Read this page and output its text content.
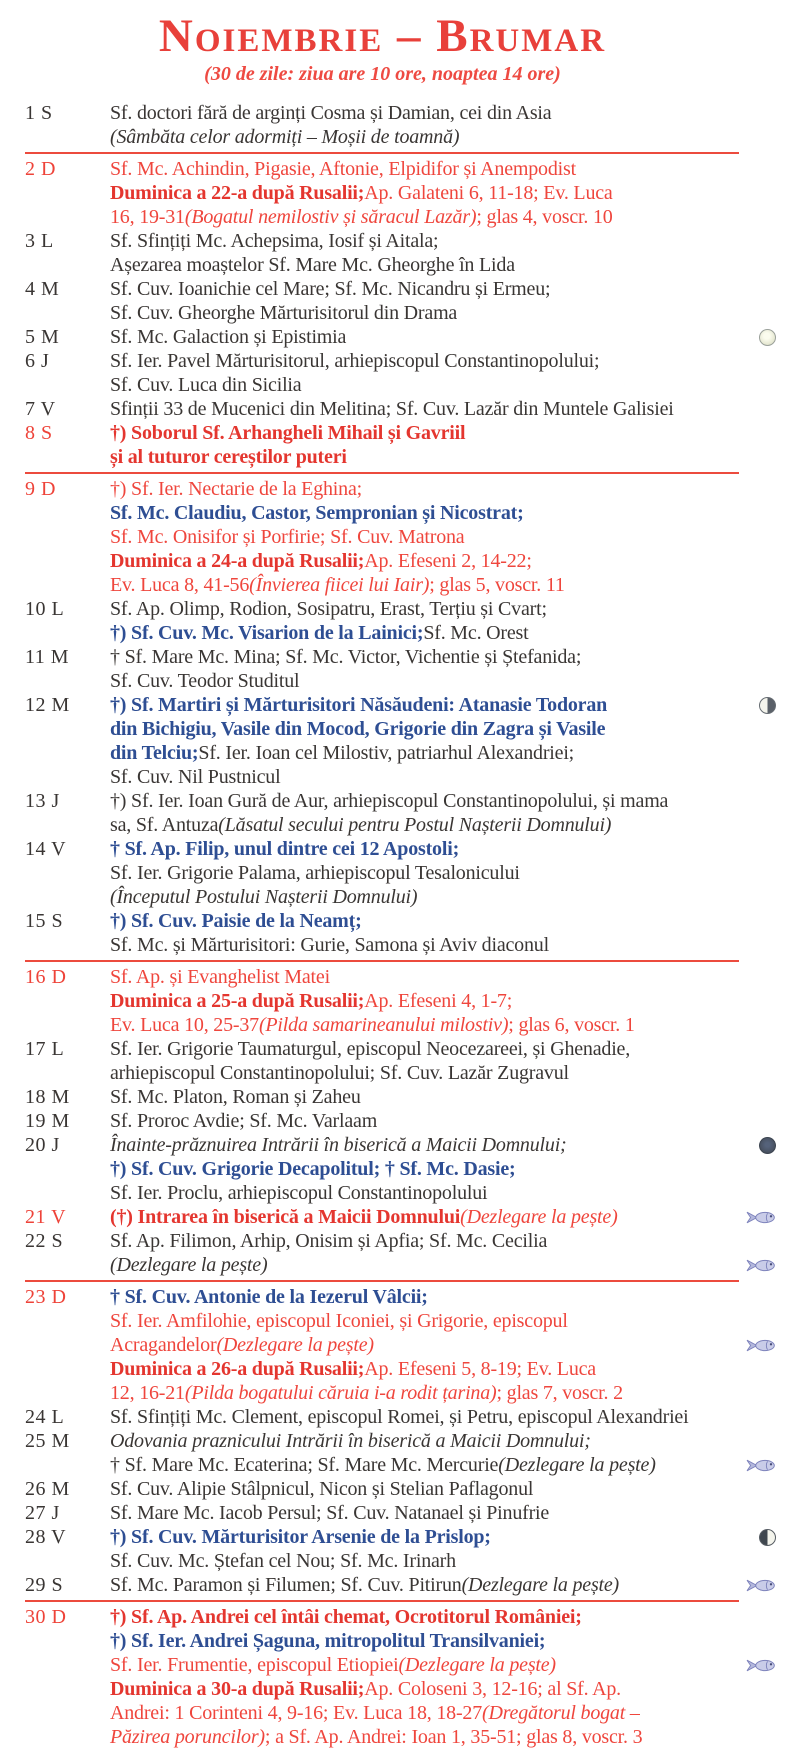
Noiembrie – Brumar
(30 de zile: ziua are 10 ore, noaptea 14 ore)
1 S	Sf. doctori fără de arginți Cosma și Damian, cei din Asia
(Sâmbăta celor adormiți – Moșii de toamnă)
2 D	Sf. Mc. Achindin, Pigasie, Aftonie, Elpidifor și Anempodist
Duminica a 22-a după Rusalii; Ap. Galateni 6, 11-18; Ev. Luca
16, 19-31 (Bogatul nemilostiv și săracul Lazăr) ; glas 4, voscr. 10
3 L	Sf. Sfințiți Mc. Achepsima, Iosif și Aitala;
Așezarea moaștelor Sf. Mare Mc. Gheorghe în Lida
4 M	Sf. Cuv. Ioanichie cel Mare; Sf. Mc. Nicandru și Ermeu;
Sf. Cuv. Gheorghe Mărturisitorul din Drama
5 M	Sf. Mc. Galaction și Epistimia
6 J	Sf. Ier. Pavel Mărturisitorul, arhiepiscopul Constantinopolului;
Sf. Cuv. Luca din Sicilia
7 V	Sfinții 33 de Mucenici din Melitina; Sf. Cuv. Lazăr din Muntele Galisiei
8 S	†) Soborul Sf. Arhangheli Mihail și Gavriil
și al tuturor cereștilor puteri
9 D	†) Sf. Ier. Nectarie de la Eghina;
Sf. Mc. Claudiu, Castor, Sempronian și Nicostrat;
Sf. Mc. Onisifor și Porfirie; Sf. Cuv. Matrona
Duminica a 24-a după Rusalii; Ap. Efeseni 2, 14-22;
Ev. Luca 8, 41-56 (Învierea fiicei lui Iair) ; glas 5, voscr. 11
10 L	Sf. Ap. Olimp, Rodion, Sosipatru, Erast, Terțiu și Cvart;
†) Sf. Cuv. Mc. Visarion de la Lainici; Sf. Mc. Orest
11 M	† Sf. Mare Mc. Mina; Sf. Mc. Victor, Vichentie și Ștefanida;
Sf. Cuv. Teodor Studitul
12 M	†) Sf. Martiri și Mărturisitori Năsăudeni: Atanasie Todoran
din Bichigiu, Vasile din Mocod, Grigorie din Zagra și Vasile
din Telciu; Sf. Ier. Ioan cel Milostiv, patriarhul Alexandriei;
Sf. Cuv. Nil Pustnicul
13 J	†) Sf. Ier. Ioan Gură de Aur, arhiepiscopul Constantinopolului, și mama
sa, Sf. Antuza (Lăsatul secului pentru Postul Nașterii Domnului)
14 V	† Sf. Ap. Filip, unul dintre cei 12 Apostoli;
Sf. Ier. Grigorie Palama, arhiepiscopul Tesalonicului
(Începutul Postului Nașterii Domnului)
15 S	†) Sf. Cuv. Paisie de la Neamț;
Sf. Mc. și Mărturisitori: Gurie, Samona și Aviv diaconul
16 D	Sf. Ap. și Evanghelist Matei
Duminica a 25-a după Rusalii; Ap. Efeseni 4, 1-7;
Ev. Luca 10, 25-37 (Pilda samarineanului milostiv) ; glas 6, voscr. 1
17 L	Sf. Ier. Grigorie Taumaturgul, episcopul Neocezareei, și Ghenadie,
arhiepiscopul Constantinopolului; Sf. Cuv. Lazăr Zugravul
18 M	Sf. Mc. Platon, Roman și Zaheu
19 M	Sf. Proroc Avdie; Sf. Mc. Varlaam
20 J	Înainte-prăznuirea Intrării în biserică a Maicii Domnului;
†) Sf. Cuv. Grigorie Decapolitul; † Sf. Mc. Dasie;
Sf. Ier. Proclu, arhiepiscopul Constantinopolului
21 V	(†) Intrarea în biserică a Maicii Domnului (Dezlegare la pește)
22 S	Sf. Ap. Filimon, Arhip, Onisim și Apfia; Sf. Mc. Cecilia
(Dezlegare la pește)
23 D	† Sf. Cuv. Antonie de la Iezerul Vâlcii;
Sf. Ier. Amfilohie, episcopul Iconiei, și Grigorie, episcopul
Acragandelor (Dezlegare la pește)
Duminica a 26-a după Rusalii; Ap. Efeseni 5, 8-19; Ev. Luca
12, 16-21 (Pilda bogatului căruia i-a rodit țarina) ; glas 7, voscr. 2
24 L	Sf. Sfințiți Mc. Clement, episcopul Romei, și Petru, episcopul Alexandriei
25 M	Odovania praznicului Intrării în biserică a Maicii Domnului;
† Sf. Mare Mc. Ecaterina; Sf. Mare Mc. Mercurie (Dezlegare la pește)
26 M	Sf. Cuv. Alipie Stâlpnicul, Nicon și Stelian Paflagonul
27 J	Sf. Mare Mc. Iacob Persul; Sf. Cuv. Natanael și Pinufrie
28 V	†) Sf. Cuv. Mărturisitor Arsenie de la Prislop;
Sf. Cuv. Mc. Ștefan cel Nou; Sf. Mc. Irinarh
29 S	Sf. Mc. Paramon și Filumen; Sf. Cuv. Pitirun (Dezlegare la pește)
30 D	†) Sf. Ap. Andrei cel întâi chemat, Ocrotitorul României;
†) Sf. Ier. Andrei Șaguna, mitropolitul Transilvaniei;
Sf. Ier. Frumentie, episcopul Etiopiei (Dezlegare la pește)
Duminica a 30-a după Rusalii; Ap. Coloseni 3, 12-16; al Sf. Ap.
Andrei: 1 Corinteni 4, 9-16; Ev. Luca 18, 18-27 (Dregătorul bogat –
Păzirea poruncilor) ; a Sf. Ap. Andrei: Ioan 1, 35-51; glas 8, voscr. 3
